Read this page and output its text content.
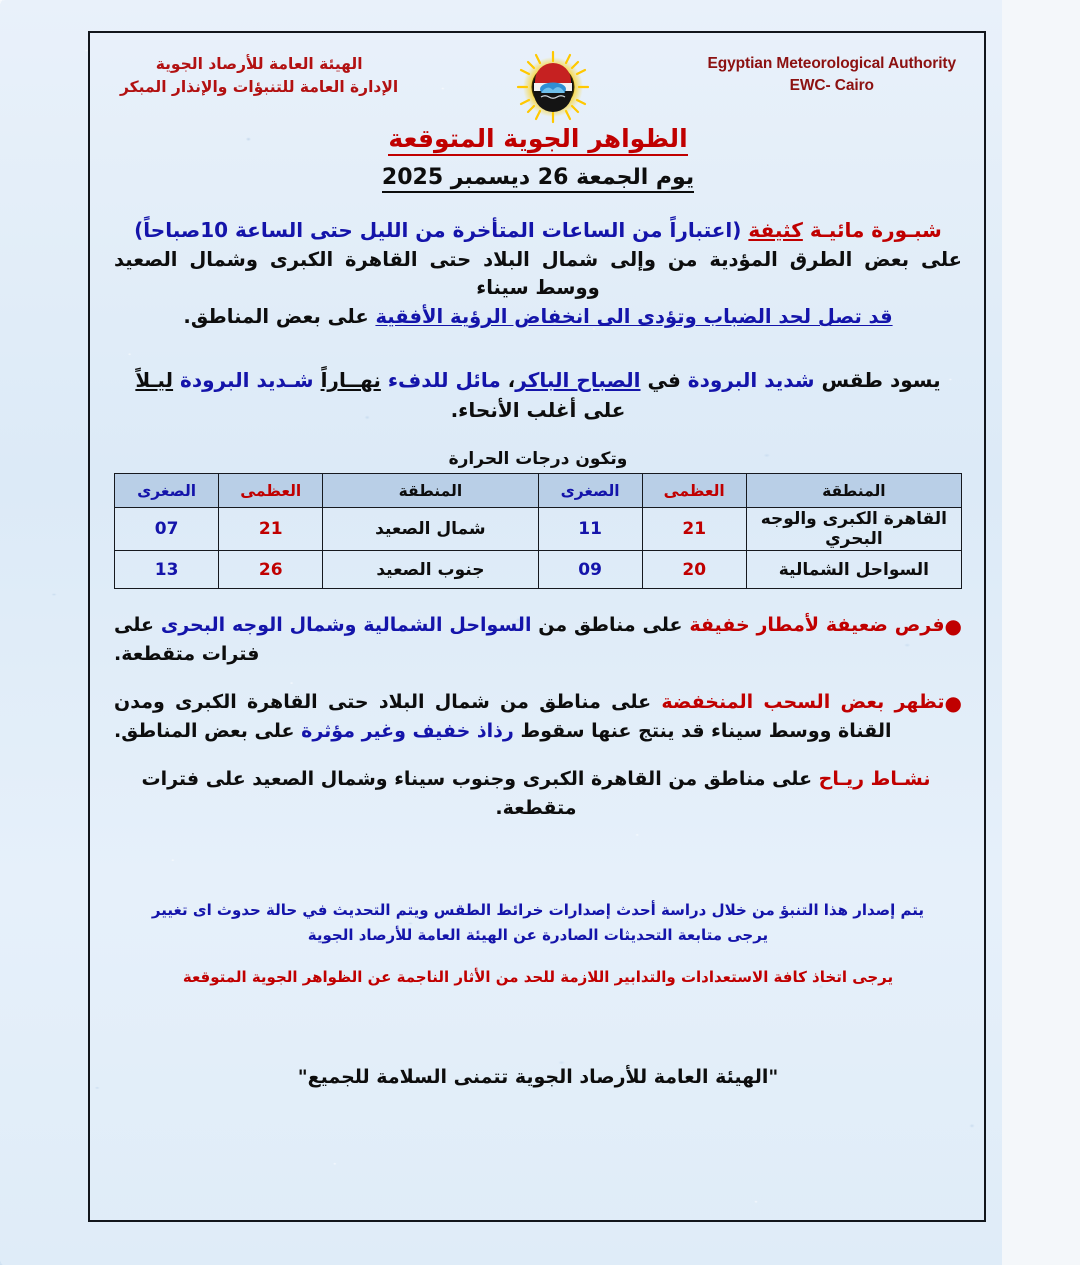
Egyptian Meteorological Authority
EWC- Cairo
الهيئة العامة للأرصاد الجوية
الإدارة العامة للتنبؤات والإنذار المبكر
الظواهر الجوية المتوقعة
يوم الجمعة 26 ديسمبر 2025
شبـورة مائيـة كثيفة (اعتباراً من الساعات المتأخرة من الليل حتى الساعة 10صباحاً)
على بعض الطرق المؤدية من وإلى شمال البلاد حتى القاهرة الكبرى وشمال الصعيد ووسط سيناء
قد تصل لحد الضباب وتؤدى الى انخفاض الرؤية الأفقية على بعض المناطق.
يسود طقس شديد البرودة في الصباح الباكر، مائل للدفء نهــاراً شـديد البرودة ليـلاً
على أغلب الأنحاء.
وتكون درجات الحرارة
المنطقة	العظمى	الصغرى	المنطقة	العظمى	الصغرى
القاهرة الكبرى والوجه البحري	21	11	شمال الصعيد	21	07
السواحل الشمالية	20	09	جنوب الصعيد	26	13
●
فرص ضعيفة لأمطار خفيفة على مناطق من السواحل الشمالية وشمال الوجه البحرى على فترات متقطعة.
●
تظهر بعض السحب المنخفضة على مناطق من شمال البلاد حتى القاهرة الكبرى ومدن القناة ووسط سيناء قد ينتج عنها سقوط رذاذ خفيف وغير مؤثرة على بعض المناطق.
نشـاط ريـاح على مناطق من القاهرة الكبرى وجنوب سيناء وشمال الصعيد على فترات متقطعة.
يتم إصدار هذا التنبؤ من خلال دراسة أحدث إصدارات خرائط الطقس ويتم التحديث في حالة حدوث اى تغيير
يرجى متابعة التحديثات الصادرة عن الهيئة العامة للأرصاد الجوية
يرجى اتخاذ كافة الاستعدادات والتدابير اللازمة للحد من الأثار الناجمة عن الظواهر الجوية المتوقعة
"الهيئة العامة للأرصاد الجوية تتمنى السلامة للجميع"
